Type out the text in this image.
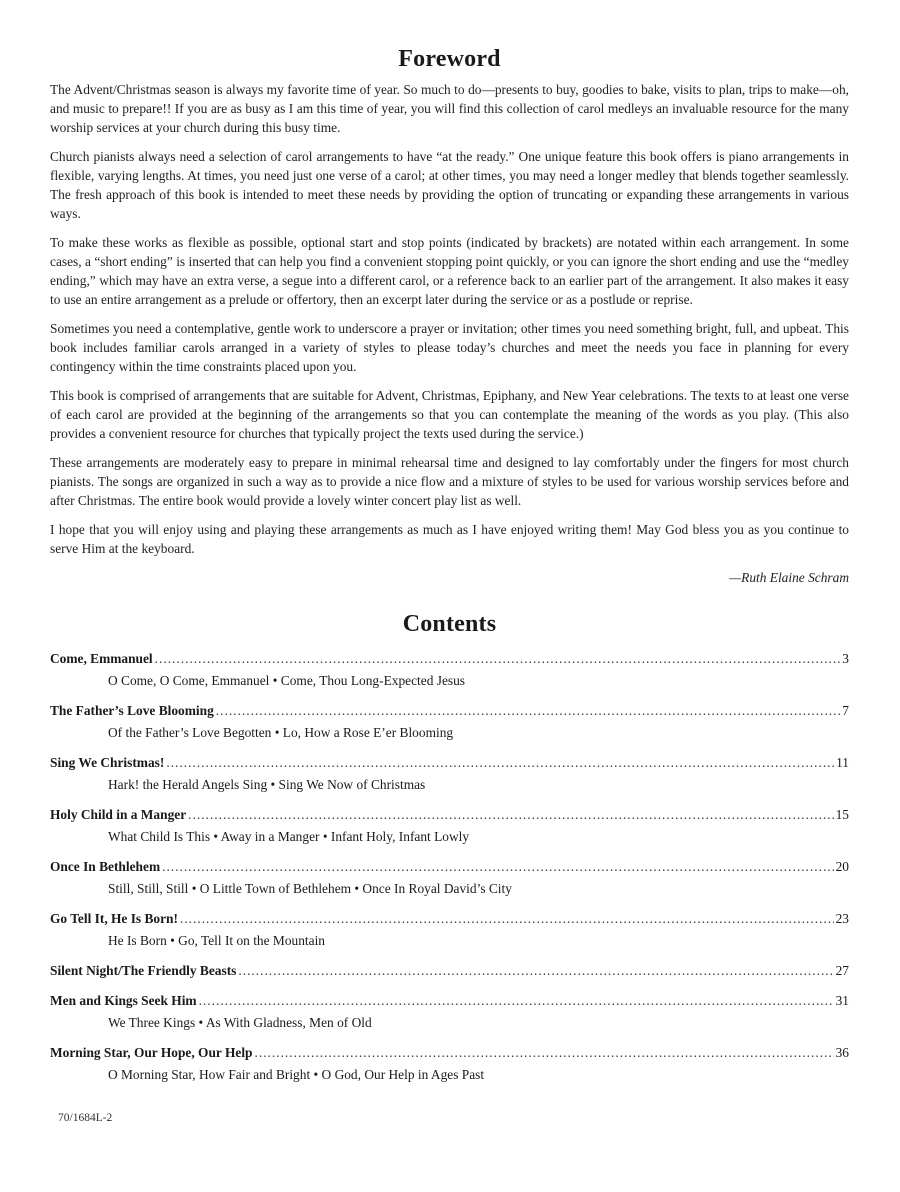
Foreword

The Advent/Christmas season is always my favorite time of year. So much to do—presents to buy, goodies to bake, visits to plan, trips to make—oh, and music to prepare!! If you are as busy as I am this time of year, you will find this collection of carol medleys an invaluable resource for the many worship services at your church during this busy time.

Church pianists always need a selection of carol arrangements to have “at the ready.” One unique feature this book offers is piano arrangements in flexible, varying lengths. At times, you need just one verse of a carol; at other times, you may need a longer medley that blends together seamlessly. The fresh approach of this book is intended to meet these needs by providing the option of truncating or expanding these arrangements in various ways.

To make these works as flexible as possible, optional start and stop points (indicated by brackets) are notated within each arrangement. In some cases, a “short ending” is inserted that can help you find a convenient stopping point quickly, or you can ignore the short ending and use the “medley ending,” which may have an extra verse, a segue into a different carol, or a reference back to an earlier part of the arrangement. It also makes it easy to use an entire arrangement as a prelude or offertory, then an excerpt later during the service or as a postlude or reprise.

Sometimes you need a contemplative, gentle work to underscore a prayer or invitation; other times you need something bright, full, and upbeat. This book includes familiar carols arranged in a variety of styles to please today’s churches and meet the needs you face in planning for every contingency within the time constraints placed upon you.

This book is comprised of arrangements that are suitable for Advent, Christmas, Epiphany, and New Year celebrations. The texts to at least one verse of each carol are provided at the beginning of the arrangements so that you can contemplate the meaning of the words as you play. (This also provides a convenient resource for churches that typically project the texts used during the service.)

These arrangements are moderately easy to prepare in minimal rehearsal time and designed to lay comfortably under the fingers for most church pianists. The songs are organized in such a way as to provide a nice flow and a mixture of styles to be used for various worship services before and after Christmas. The entire book would provide a lovely winter concert play list as well.

I hope that you will enjoy using and playing these arrangements as much as I have enjoyed writing them! May God bless you as you continue to serve Him at the keyboard.

—Ruth Elaine Schram

Contents
Come, Emmanuel .....	3
O Come, O Come, Emmanuel • Come, Thou Long-Expected Jesus
The Father’s Love Blooming .....	7
Of the Father’s Love Begotten • Lo, How a Rose E’er Blooming
Sing We Christmas! .....	11
Hark! the Herald Angels Sing • Sing We Now of Christmas
Holy Child in a Manger .....	15
What Child Is This • Away in a Manger • Infant Holy, Infant Lowly
Once In Bethlehem .....	20
Still, Still, Still • O Little Town of Bethlehem • Once In Royal David’s City
Go Tell It, He Is Born! .....	23
He Is Born • Go, Tell It on the Mountain
Silent Night/The Friendly Beasts .....	27
Men and Kings Seek Him .....	31
We Three Kings • As With Gladness, Men of Old
Morning Star, Our Hope, Our Help .....	36
O Morning Star, How Fair and Bright • O God, Our Help in Ages Past
70/1684L-2
